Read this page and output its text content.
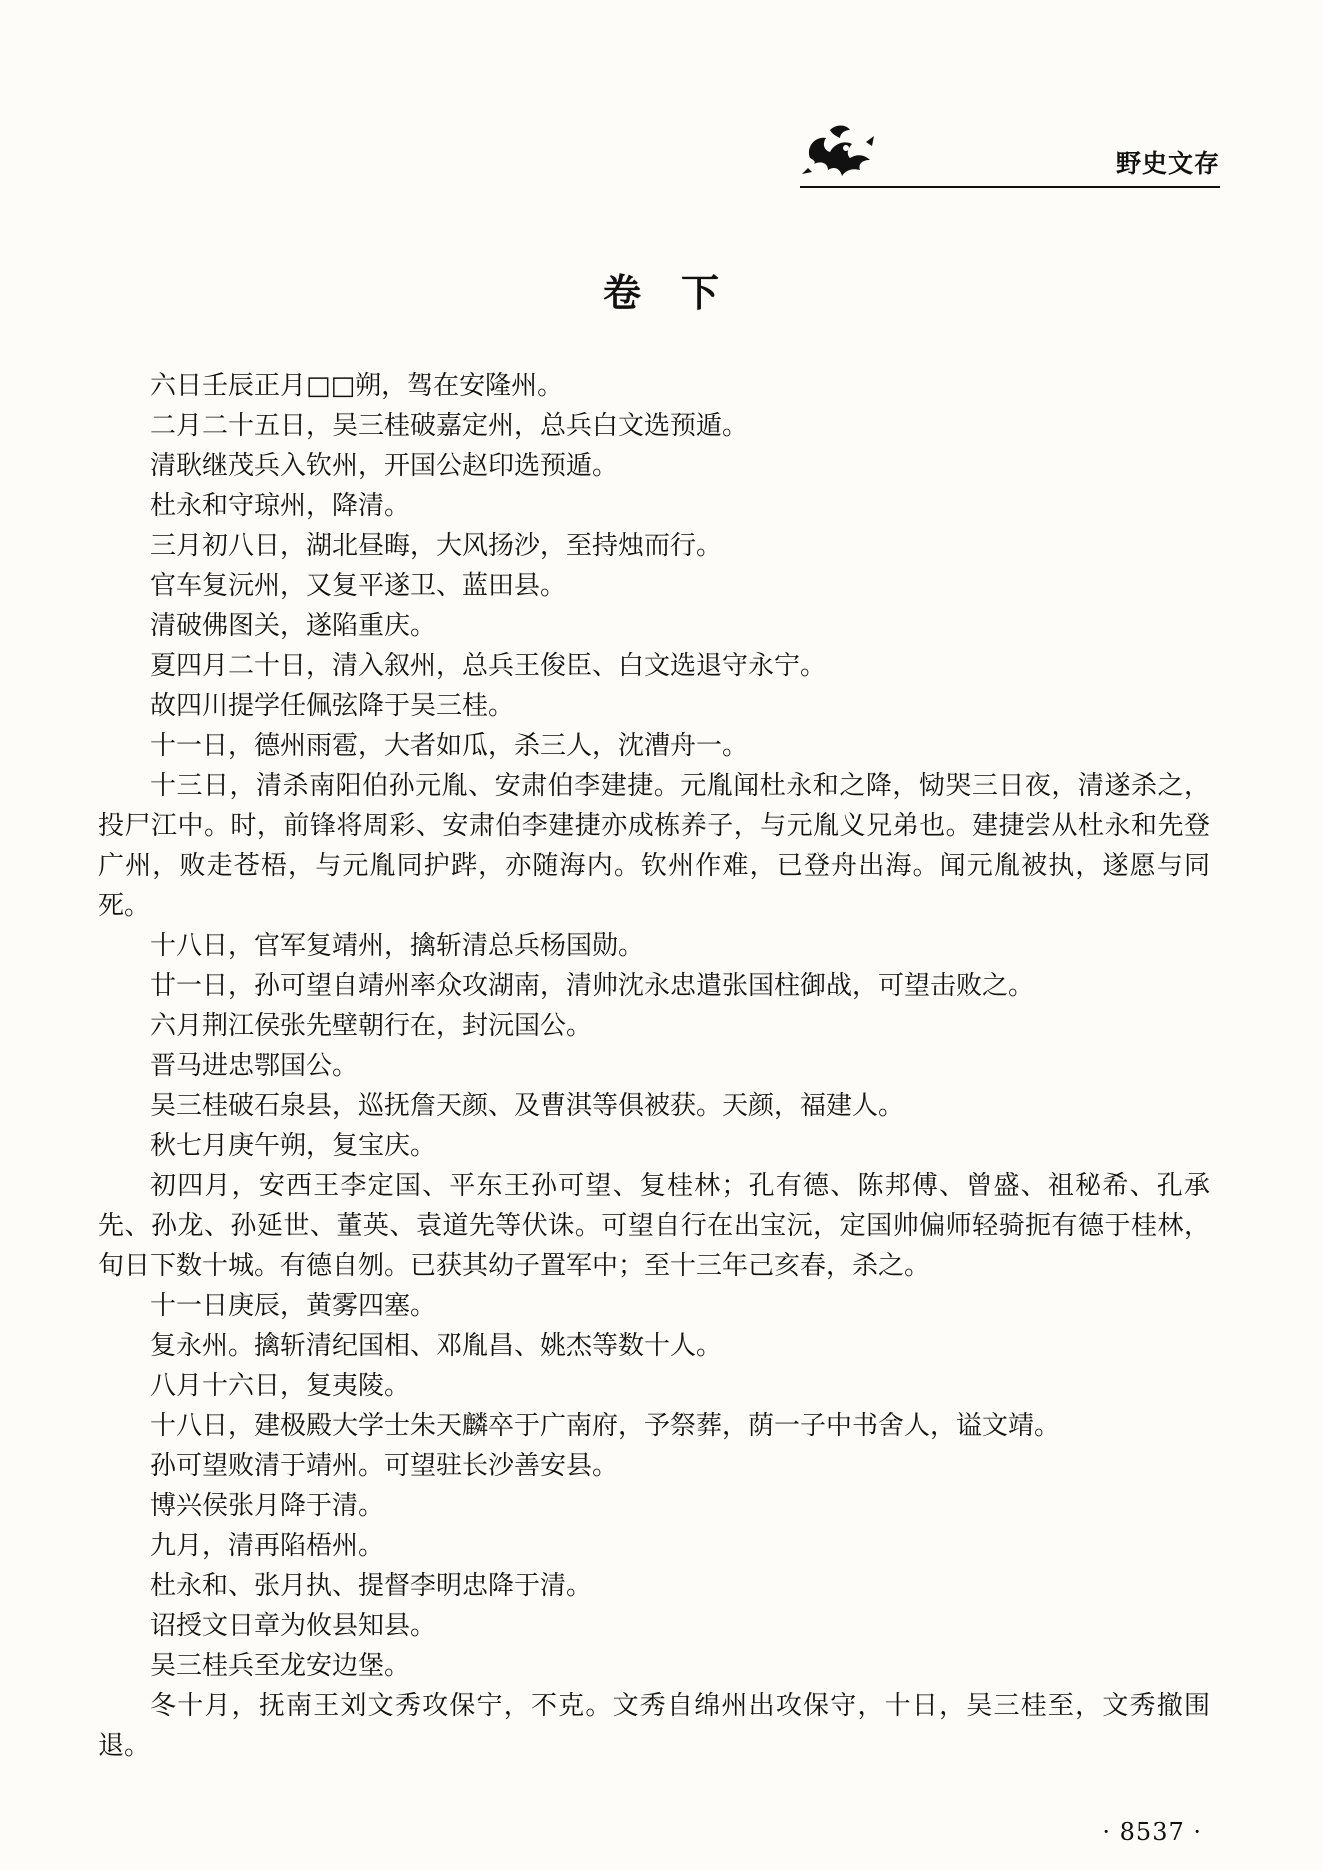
野史文存
卷下

六日壬辰正月□□朔，驾在安隆州。

二月二十五日，吴三桂破嘉定州，总兵白文选预遁。

清耿继茂兵入钦州，开国公赵印选预遁。

杜永和守琼州，降清。

三月初八日，湖北昼晦，大风扬沙，至持烛而行。

官车复沅州，又复平遂卫、蓝田县。

清破佛图关，遂陷重庆。

夏四月二十日，清入叙州，总兵王俊臣、白文选退守永宁。

故四川提学任佩弦降于吴三桂。

十一日，德州雨雹，大者如瓜，杀三人，沈漕舟一。

十三日，清杀南阳伯孙元胤、安肃伯李建捷。元胤闻杜永和之降，恸哭三日夜，清遂杀之，投尸江中。时，前锋将周彩、安肃伯李建捷亦成栋养子，与元胤义兄弟也。建捷尝从杜永和先登广州，败走苍梧，与元胤同护跸，亦随海内。钦州作难，已登舟出海。闻元胤被执，遂愿与同死。

十八日，官军复靖州，擒斩清总兵杨国勋。

廿一日，孙可望自靖州率众攻湖南，清帅沈永忠遣张国柱御战，可望击败之。

六月荆江侯张先壁朝行在，封沅国公。

晋马进忠鄂国公。

吴三桂破石泉县，巡抚詹天颜、及曹淇等俱被获。天颜，福建人。

秋七月庚午朔，复宝庆。

初四月，安西王李定国、平东王孙可望、复桂林；孔有德、陈邦傅、曾盛、祖秘希、孔承先、孙龙、孙延世、董英、袁道先等伏诛。可望自行在出宝沅，定国帅偏师轻骑扼有德于桂林，旬日下数十城。有德自刎。已获其幼子置军中；至十三年己亥春，杀之。

十一日庚辰，黄雾四塞。

复永州。擒斩清纪国相、邓胤昌、姚杰等数十人。

八月十六日，复夷陵。

十八日，建极殿大学士朱天麟卒于广南府，予祭葬，荫一子中书舍人，谥文靖。

孙可望败清于靖州。可望驻长沙善安县。

博兴侯张月降于清。

九月，清再陷梧州。

杜永和、张月执、提督李明忠降于清。

诏授文日章为攸县知县。

吴三桂兵至龙安边堡。

冬十月，抚南王刘文秀攻保宁，不克。文秀自绵州出攻保守，十日，吴三桂至，文秀撤围退。

· 8537 ·
